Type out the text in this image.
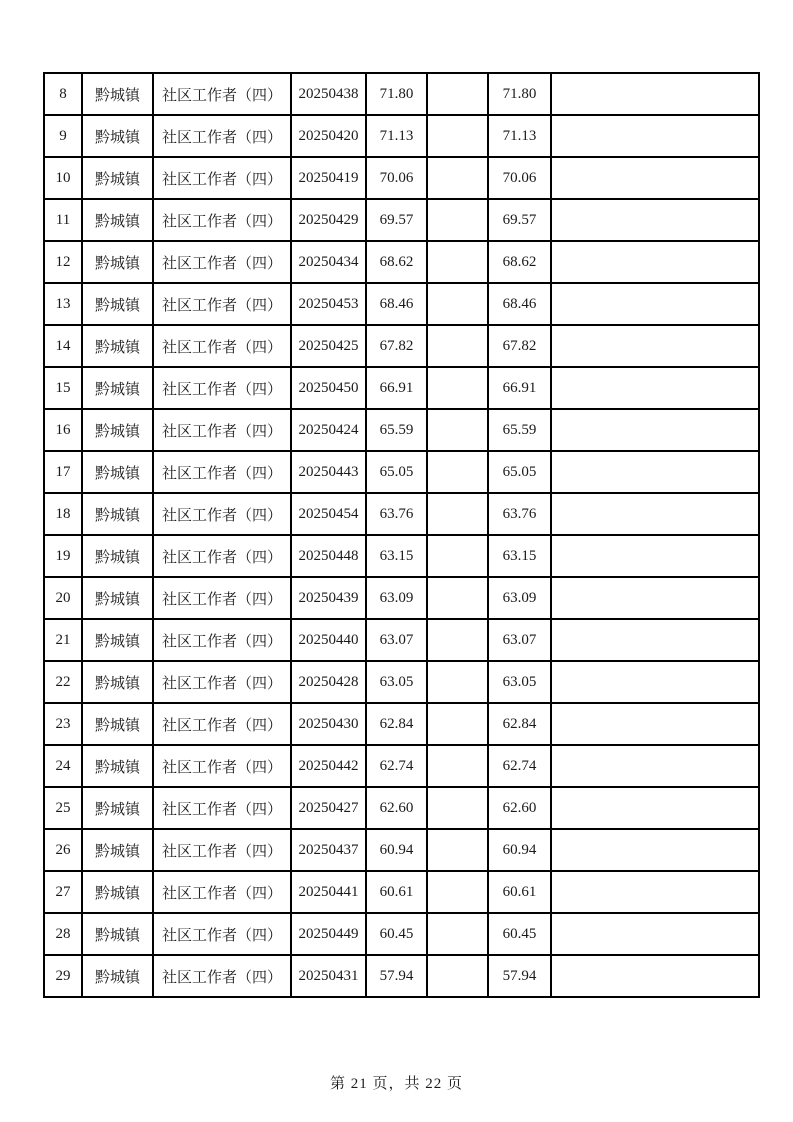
8	黔城镇	社区工作者（四）	20250438	71.80		71.80	
9	黔城镇	社区工作者（四）	20250420	71.13		71.13	
10	黔城镇	社区工作者（四）	20250419	70.06		70.06	
11	黔城镇	社区工作者（四）	20250429	69.57		69.57	
12	黔城镇	社区工作者（四）	20250434	68.62		68.62	
13	黔城镇	社区工作者（四）	20250453	68.46		68.46	
14	黔城镇	社区工作者（四）	20250425	67.82		67.82	
15	黔城镇	社区工作者（四）	20250450	66.91		66.91	
16	黔城镇	社区工作者（四）	20250424	65.59		65.59	
17	黔城镇	社区工作者（四）	20250443	65.05		65.05	
18	黔城镇	社区工作者（四）	20250454	63.76		63.76	
19	黔城镇	社区工作者（四）	20250448	63.15		63.15	
20	黔城镇	社区工作者（四）	20250439	63.09		63.09	
21	黔城镇	社区工作者（四）	20250440	63.07		63.07	
22	黔城镇	社区工作者（四）	20250428	63.05		63.05	
23	黔城镇	社区工作者（四）	20250430	62.84		62.84	
24	黔城镇	社区工作者（四）	20250442	62.74		62.74	
25	黔城镇	社区工作者（四）	20250427	62.60		62.60	
26	黔城镇	社区工作者（四）	20250437	60.94		60.94	
27	黔城镇	社区工作者（四）	20250441	60.61		60.61	
28	黔城镇	社区工作者（四）	20250449	60.45		60.45	
29	黔城镇	社区工作者（四）	20250431	57.94		57.94	
第 21 页，共 22 页
